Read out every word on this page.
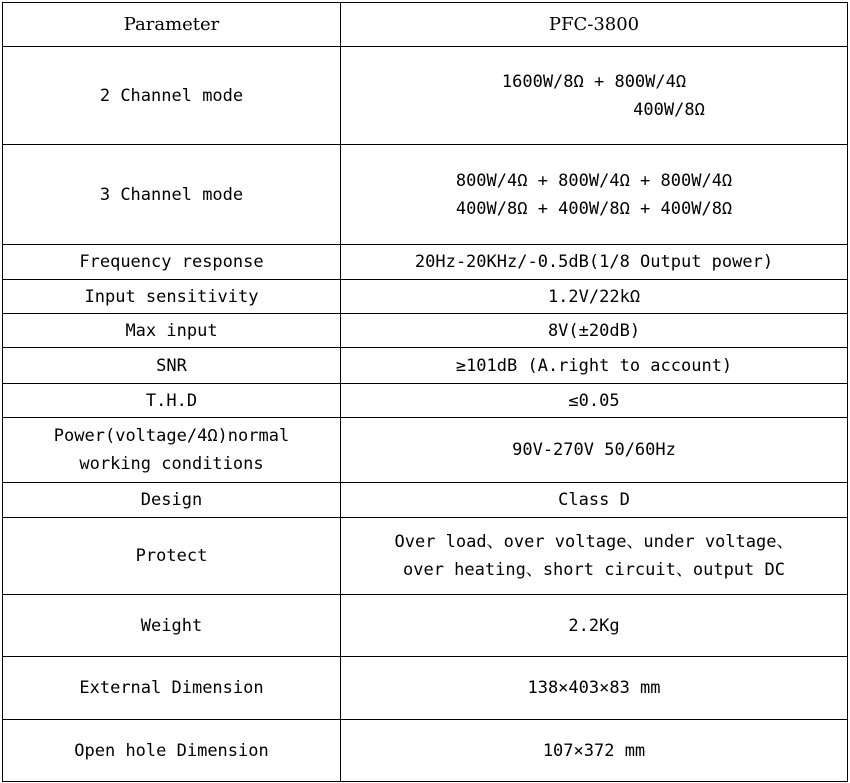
Parameter	PFC-3800
2 Channel mode	1600W/8Ω + 800W/4Ω
400W/8Ω

3 Channel mode	800W/4Ω + 800W/4Ω + 800W/4Ω
400W/8Ω + 400W/8Ω + 400W/8Ω

Frequency response	20Hz-20KHz/-0.5dB(1/8 Output power)
Input sensitivity	1.2V/22kΩ
Max input	8V(±20dB)
SNR	≥101dB (A.right to account)
T.H.D	≤0.05

Power(voltage/4Ω)normal
working conditions	90V-270V 50/60Hz
Design	Class D
Protect	Over load、over voltage、under voltage、
over heating、short circuit、output DC

Weight	2.2Kg
External Dimension	138×403×83 mm
Open hole Dimension	107×372 mm
